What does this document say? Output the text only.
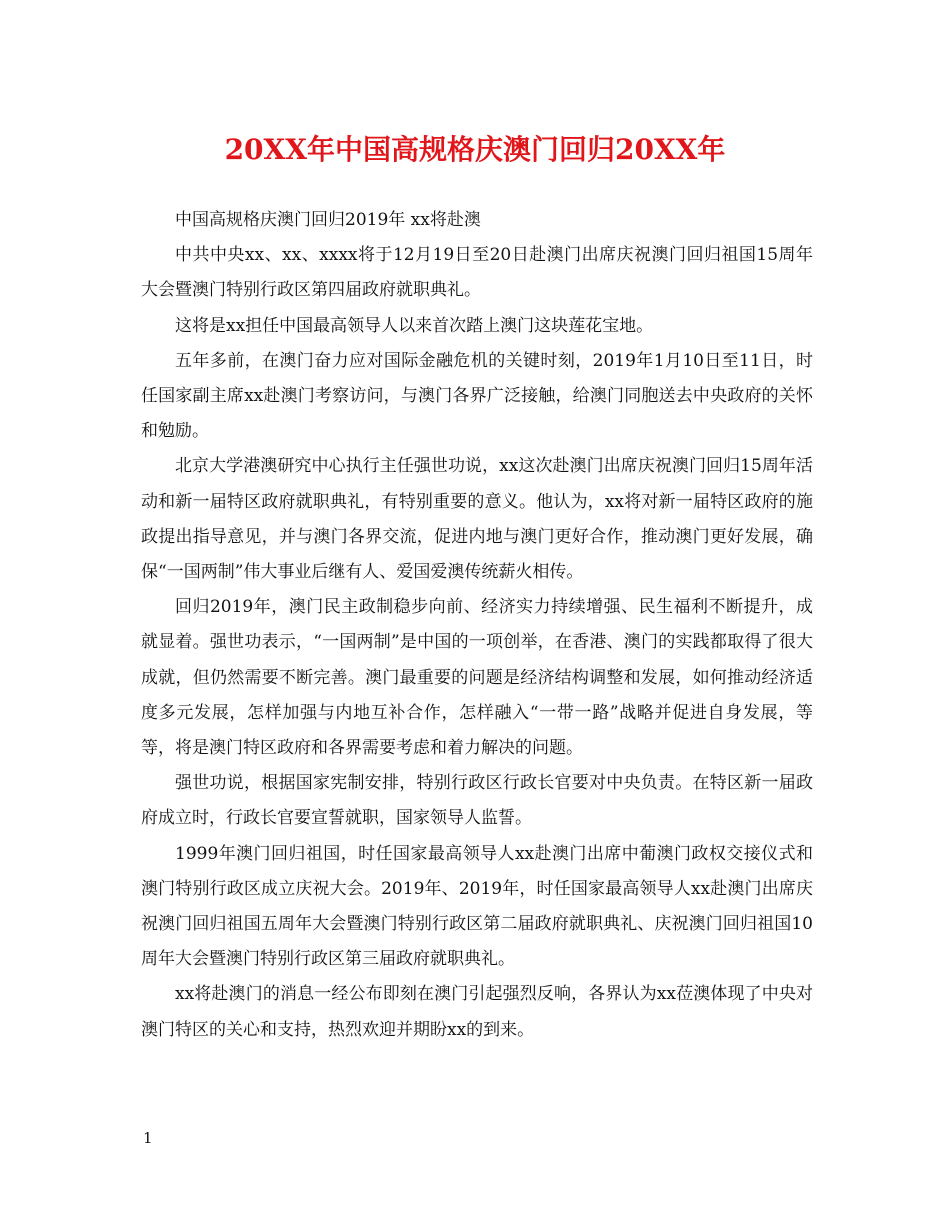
20XX年中国高规格庆澳门回归20XX年

中国高规格庆澳门回归2019年 xx将赴澳

中共中央xx、xx、xxxx将于12月19日至20日赴澳门出席庆祝澳门回归祖国15周年大会暨澳门特别行政区第四届政府就职典礼。

这将是xx担任中国最高领导人以来首次踏上澳门这块莲花宝地。

五年多前，在澳门奋力应对国际金融危机的关键时刻，2019年1月10日至11日，时任国家副主席xx赴澳门考察访问，与澳门各界广泛接触，给澳门同胞送去中央政府的关怀和勉励。

北京大学港澳研究中心执行主任强世功说，xx这次赴澳门出席庆祝澳门回归15周年活动和新一届特区政府就职典礼，有特别重要的意义。他认为，xx将对新一届特区政府的施政提出指导意见，并与澳门各界交流，促进内地与澳门更好合作，推动澳门更好发展，确保“一国两制”伟大事业后继有人、爱国爱澳传统薪火相传。

回归2019年，澳门民主政制稳步向前、经济实力持续增强、民生福利不断提升，成就显着。强世功表示，“一国两制”是中国的一项创举，在香港、澳门的实践都取得了很大成就，但仍然需要不断完善。澳门最重要的问题是经济结构调整和发展，如何推动经济适度多元发展，怎样加强与内地互补合作，怎样融入“一带一路”战略并促进自身发展，等等，将是澳门特区政府和各界需要考虑和着力解决的问题。

强世功说，根据国家宪制安排，特别行政区行政长官要对中央负责。在特区新一届政府成立时，行政长官要宣誓就职，国家领导人监誓。

1999年澳门回归祖国，时任国家最高领导人xx赴澳门出席中葡澳门政权交接仪式和澳门特别行政区成立庆祝大会。2019年、2019年，时任国家最高领导人xx赴澳门出席庆祝澳门回归祖国五周年大会暨澳门特别行政区第二届政府就职典礼、庆祝澳门回归祖国10周年大会暨澳门特别行政区第三届政府就职典礼。

xx将赴澳门的消息一经公布即刻在澳门引起强烈反响，各界认为xx莅澳体现了中央对澳门特区的关心和支持，热烈欢迎并期盼xx的到来。

1
